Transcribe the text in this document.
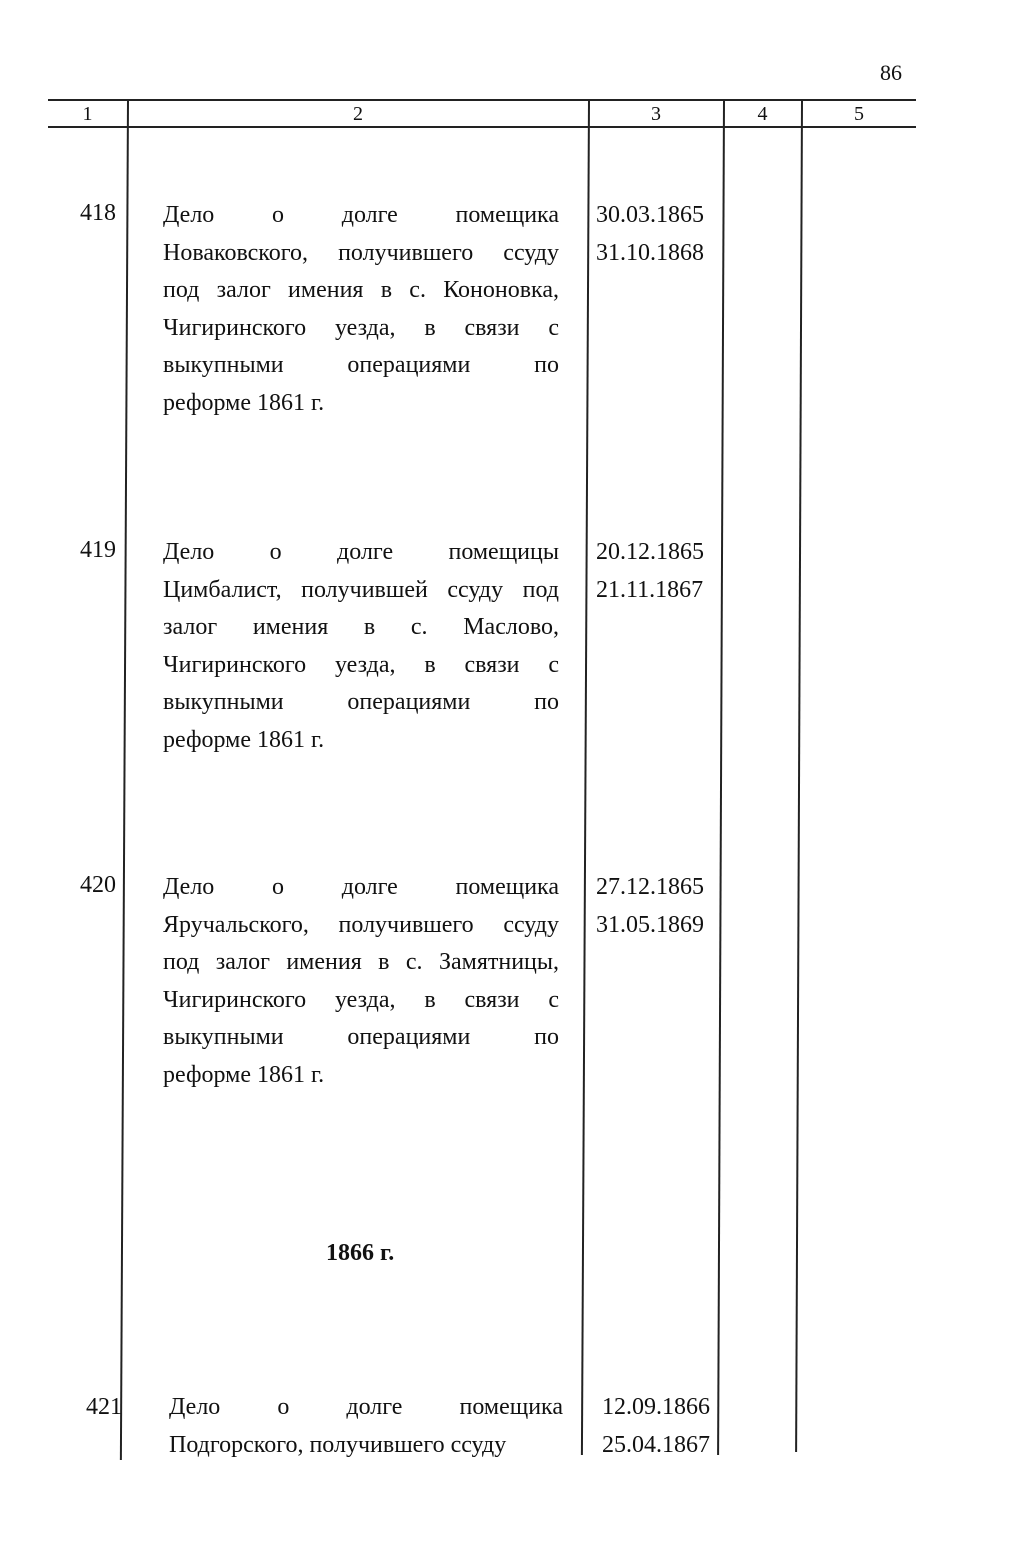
86
1	2	3	4	5
418 Дело о долге помещика
Новаковского, получившего ссуду
под залог имения в с. Кононовка,
Чигиринского уезда, в связи с
выкупными операциями по
реформе 1861 г.
30.03.1865
31.10.1868
419 Дело о долге помещицы
Цимбалист, получившей ссуду под
залог имения в с. Маслово,
Чигиринского уезда, в связи с
выкупными операциями по
реформе 1861 г.
20.12.1865
21.11.1867
420 Дело о долге помещика
Яручальского, получившего ссуду
под залог имения в с. Замятницы,
Чигиринского уезда, в связи с
выкупными операциями по
реформе 1861 г.
27.12.1865
31.05.1869
1866 г.
421 Дело о долге помещика
Подгорского, получившего ссуду
12.09.1866
25.04.1867
